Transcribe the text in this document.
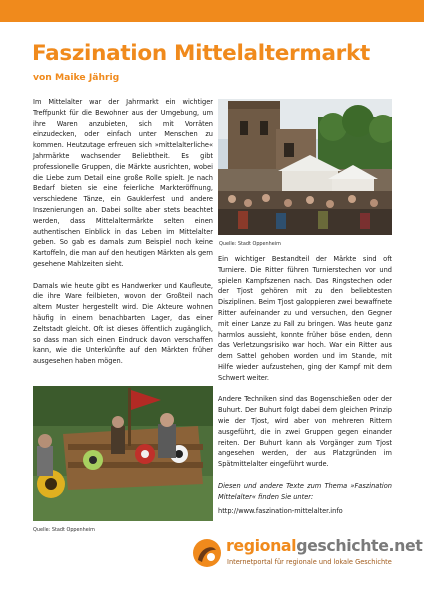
Faszination Mittelaltermarkt
von Maike Jährig

Im Mittelalter war der Jahrmarkt ein wichtiger Treffpunkt für die Bewohner aus der Umgebung, um ihre Waren anzubieten, sich mit Vorräten einzudecken, oder einfach unter Menschen zu kommen. Heutzutage erfreuen sich »mittelalterliche« Jahrmärkte wachsender Beliebtheit. Es gibt professionelle Gruppen, die Märkte ausrichten, wobei die Liebe zum Detail eine große Rolle spielt. Je nach Bedarf bieten sie eine feierliche Markteröffnung, verschiedene Tänze, ein Gauklerfest und andere Inszenierungen an. Dabei sollte aber stets beachtet werden, dass Mittelaltermärkte selten einen authentischen Einblick in das Leben im Mittelalter geben. So gab es damals zum Beispiel noch keine Kartoffeln, die man auf den heutigen Märkten als gern gesehene Mahlzeiten sieht.

Damals wie heute gibt es Handwerker und Kaufleute, die ihre Ware feilbieten, wovon der Großteil nach altem Muster hergestellt wird. Die Akteure wohnen häufig in einem benachbarten Lager, das einer Zeltstadt gleicht. Oft ist dieses öffentlich zugänglich, so dass man sich einen Eindruck davon verschaffen kann, wie die Unterkünfte auf den Märkten früher ausgesehen haben mögen.

Quelle: Stadt Oppenheim

Ein wichtiger Bestandteil der Märkte sind oft Turniere. Die Ritter führen Turnierstechen vor und spielen Kampfszenen nach. Das Ringstechen oder der Tjost gehören mit zu den beliebtesten Disziplinen. Beim Tjost galoppieren zwei bewaffnete Ritter aufeinander zu und versuchen, den Gegner mit einer Lanze zu Fall zu bringen. Was heute ganz harmlos aussieht, konnte früher böse enden, denn das Verletzungsrisiko war hoch. War ein Ritter aus dem Sattel gehoben worden und im Stande, mit Hilfe wieder aufzustehen, ging der Kampf mit dem Schwert weiter.

Andere Techniken sind das Bogenschießen oder der Buhurt. Der Buhurt folgt dabei dem gleichen Prinzip wie der Tjost, wird aber von mehreren Rittern ausgeführt, die in zwei Gruppen gegen einander reiten. Der Buhurt kann als Vorgänger zum Tjost angesehen werden, der aus Platzgründen im Spätmittelalter eingeführt wurde.

Diesen und andere Texte zum Thema »Faszination Mittelalter« finden Sie unter:

http://www.faszination-mittelalter.info

Quelle: Stadt Oppenheim
regionalgeschichte.net
Internetportal für regionale und lokale Geschichte
